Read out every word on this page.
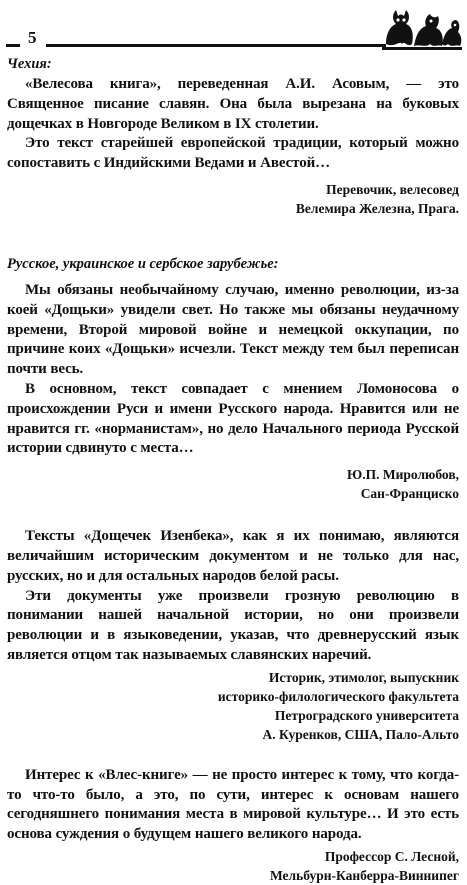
5
Чехия:

«Велесова книга», переведенная А.И. Асовым, — это Священное писание славян. Она была вырезана на буковых дощечках в Новгороде Великом в IX столетии.

Это текст старейшей европейской традиции, который можно сопоставить с Индийскими Ведами и Авестой…

Перевочик, велесовед
Велемира Железна, Прага.
Русское, украинское и сербское зарубежье:

Мы обязаны необычайному случаю, именно революции, из-за коей «Дощьки» увидели свет. Но также мы обязаны неудачному времени, Второй мировой войне и немецкой оккупации, по причине коих «Дощьки» исчезли. Текст между тем был переписан почти весь.

В основном, текст совпадает с мнением Ломоносова о происхождении Руси и имени Русского народа. Нравится или не нравится гг. «норманистам», но дело Начального периода Русской истории сдвинуто с места…

Ю.П. Миролюбов,
Сан-Франциско

Тексты «Дощечек Изенбека», как я их понимаю, являются величайшим историческим документом и не только для нас, русских, но и для остальных народов белой расы.

Эти документы уже произвели грозную революцию в понимании нашей начальной истории, но они произвели революции и в языковедении, указав, что древнерусский язык является отцом так называемых славянских наречий.

Историк, этимолог, выпускник
историко-филологического факультета
Петроградского университета
А. Куренков, США, Пало-Альто

Интерес к «Влес-книге» — не просто интерес к тому, что когда-то что-то было, а это, по сути, интерес к основам нашего сегодняшнего понимания места в мировой культуре… И это есть основа суждения о будущем нашего великого народа.

Профессор С. Лесной,
Мельбурн-Канберра-Виннипег
